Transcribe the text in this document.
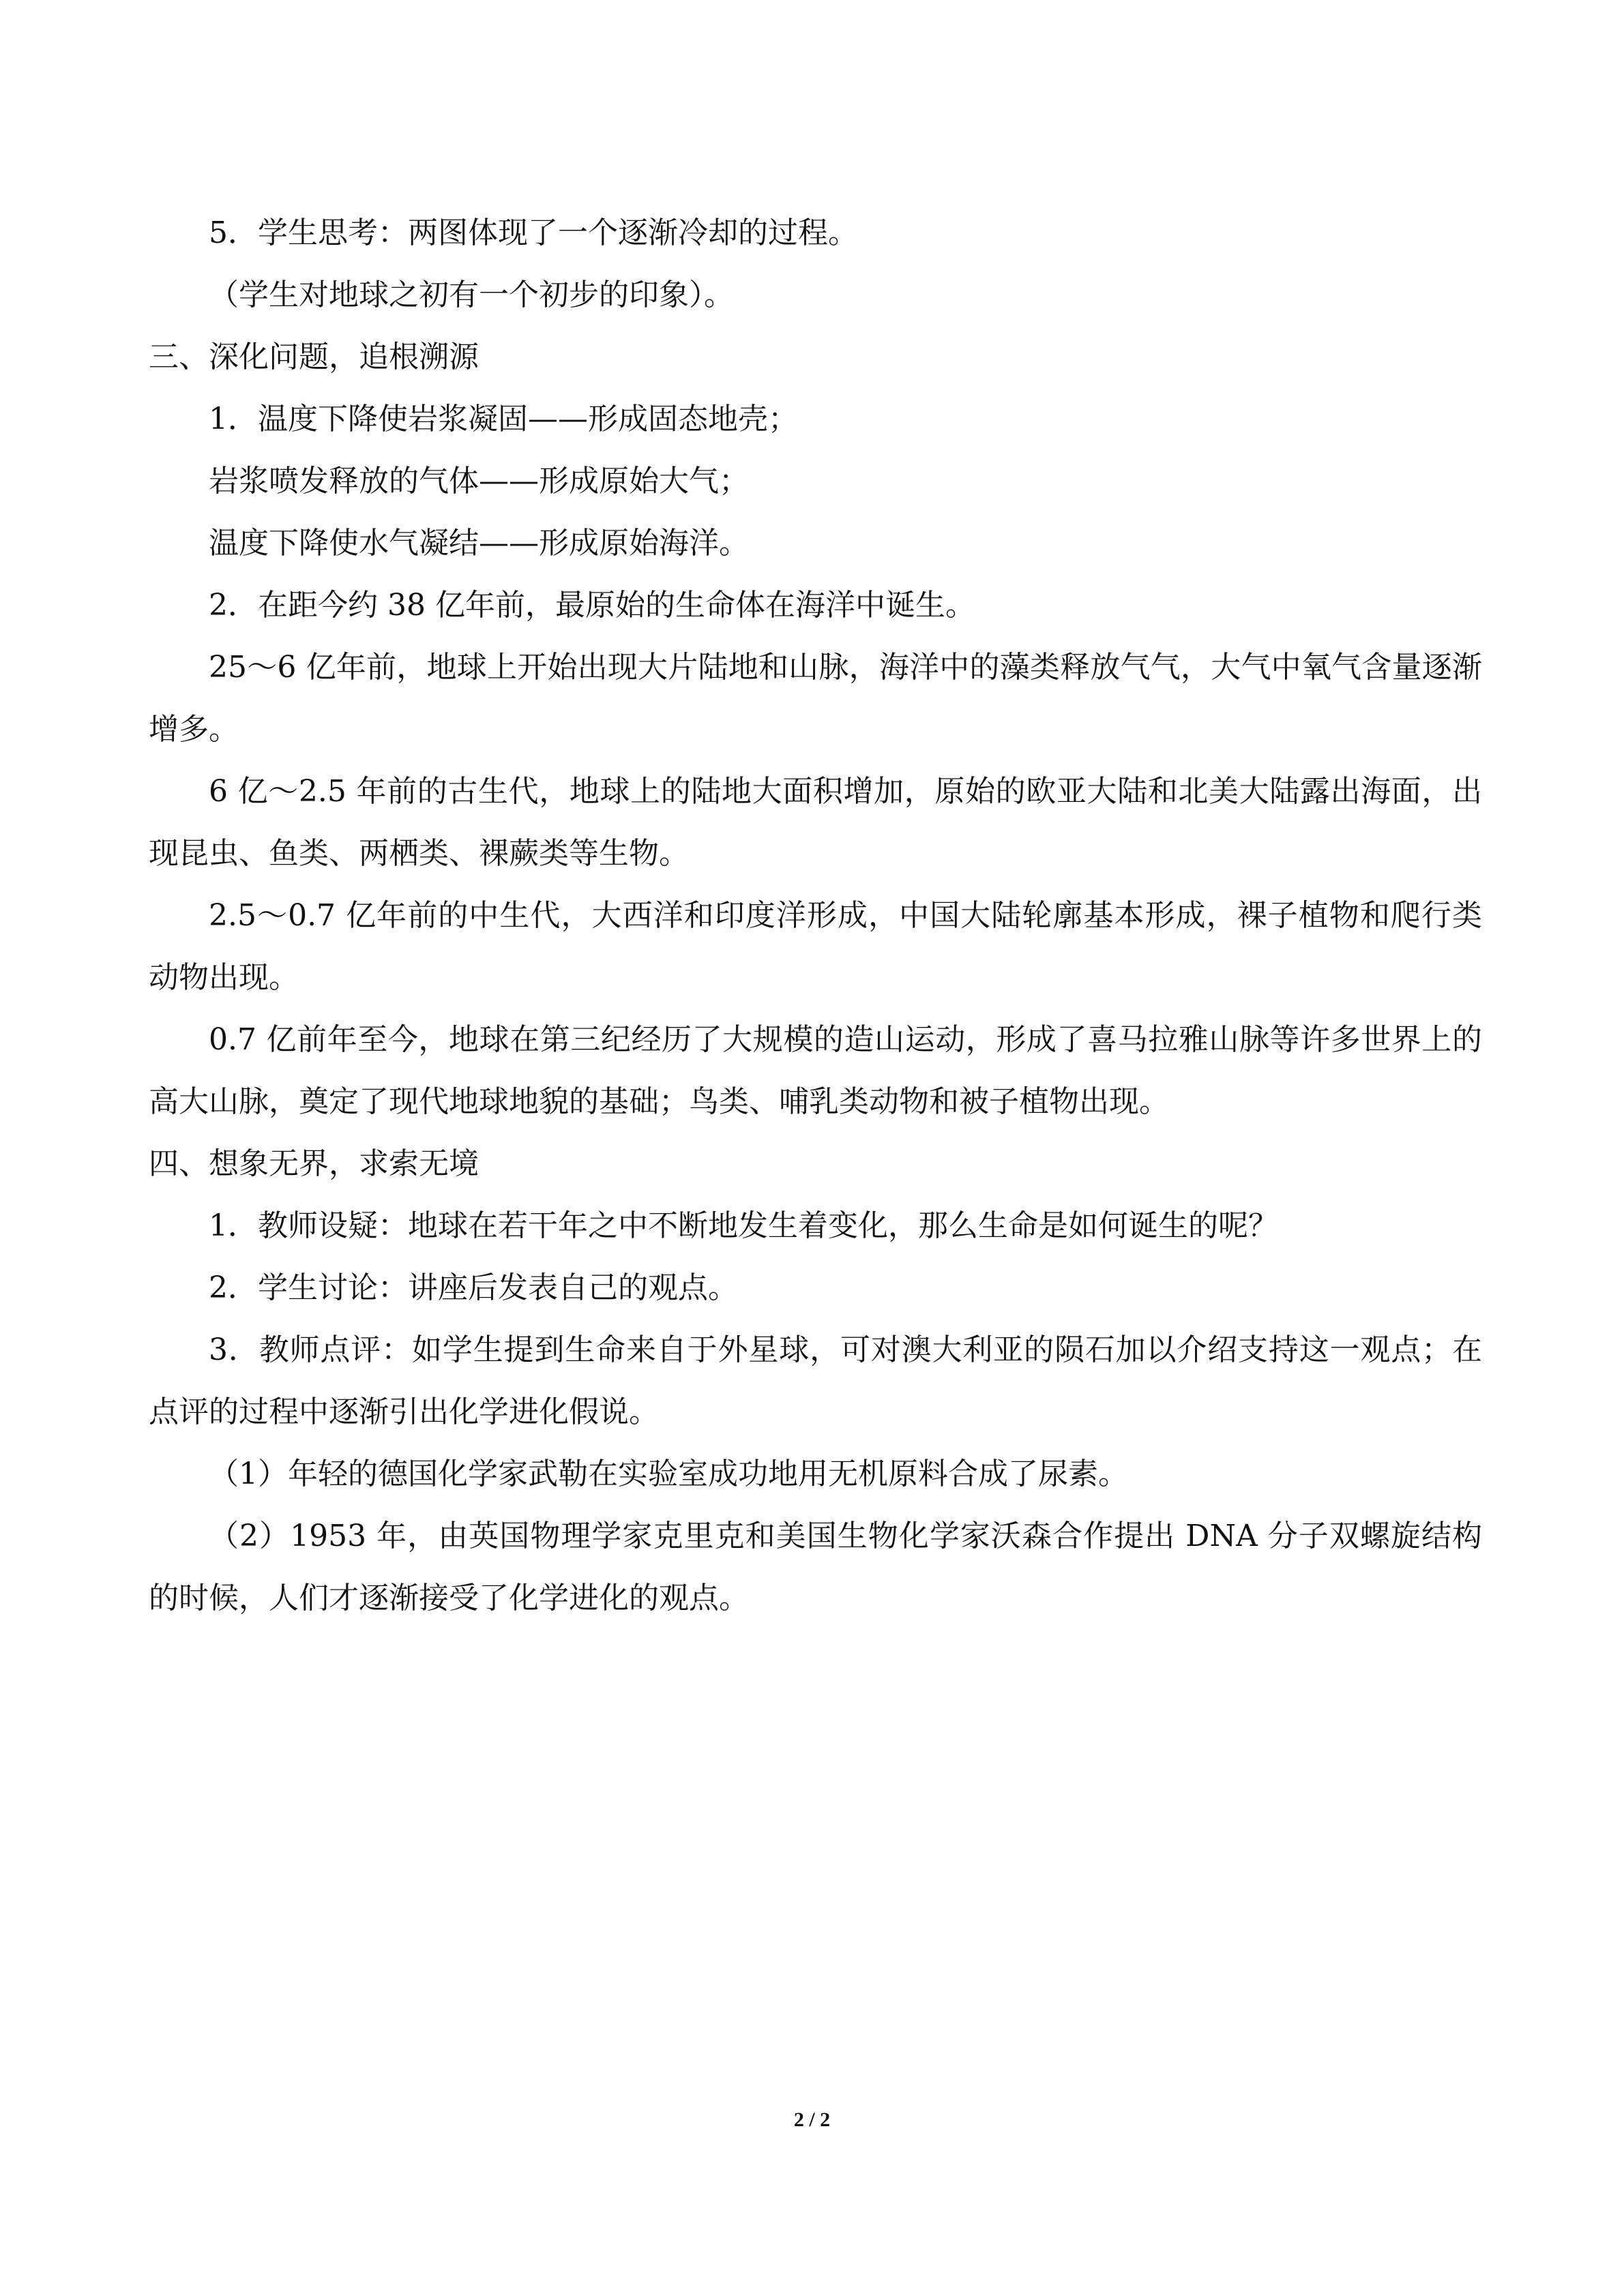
5．学生思考：两图体现了一个逐渐冷却的过程。

（学生对地球之初有一个初步的印象）。

三、深化问题，追根溯源

1．温度下降使岩浆凝固——形成固态地壳；

岩浆喷发释放的气体——形成原始大气；

温度下降使水气凝结——形成原始海洋。

2．在距今约 38 亿年前，最原始的生命体在海洋中诞生。

25～6 亿年前，地球上开始出现大片陆地和山脉，海洋中的藻类释放气气，大气中氧气含量逐渐增多。

6 亿～2.5 年前的古生代，地球上的陆地大面积增加，原始的欧亚大陆和北美大陆露出海面，出现昆虫、鱼类、两栖类、裸蕨类等生物。

2.5～0.7 亿年前的中生代，大西洋和印度洋形成，中国大陆轮廓基本形成，裸子植物和爬行类动物出现。

0.7 亿前年至今，地球在第三纪经历了大规模的造山运动，形成了喜马拉雅山脉等许多世界上的高大山脉，奠定了现代地球地貌的基础；鸟类、哺乳类动物和被子植物出现。

四、想象无界，求索无境

1．教师设疑：地球在若干年之中不断地发生着变化，那么生命是如何诞生的呢？

2．学生讨论：讲座后发表自己的观点。

3．教师点评：如学生提到生命来自于外星球，可对澳大利亚的陨石加以介绍支持这一观点；在点评的过程中逐渐引出化学进化假说。

（1）年轻的德国化学家武勒在实验室成功地用无机原料合成了尿素。

（2）1953 年，由英国物理学家克里克和美国生物化学家沃森合作提出 DNA 分子双螺旋结构的时候，人们才逐渐接受了化学进化的观点。

2 / 2
